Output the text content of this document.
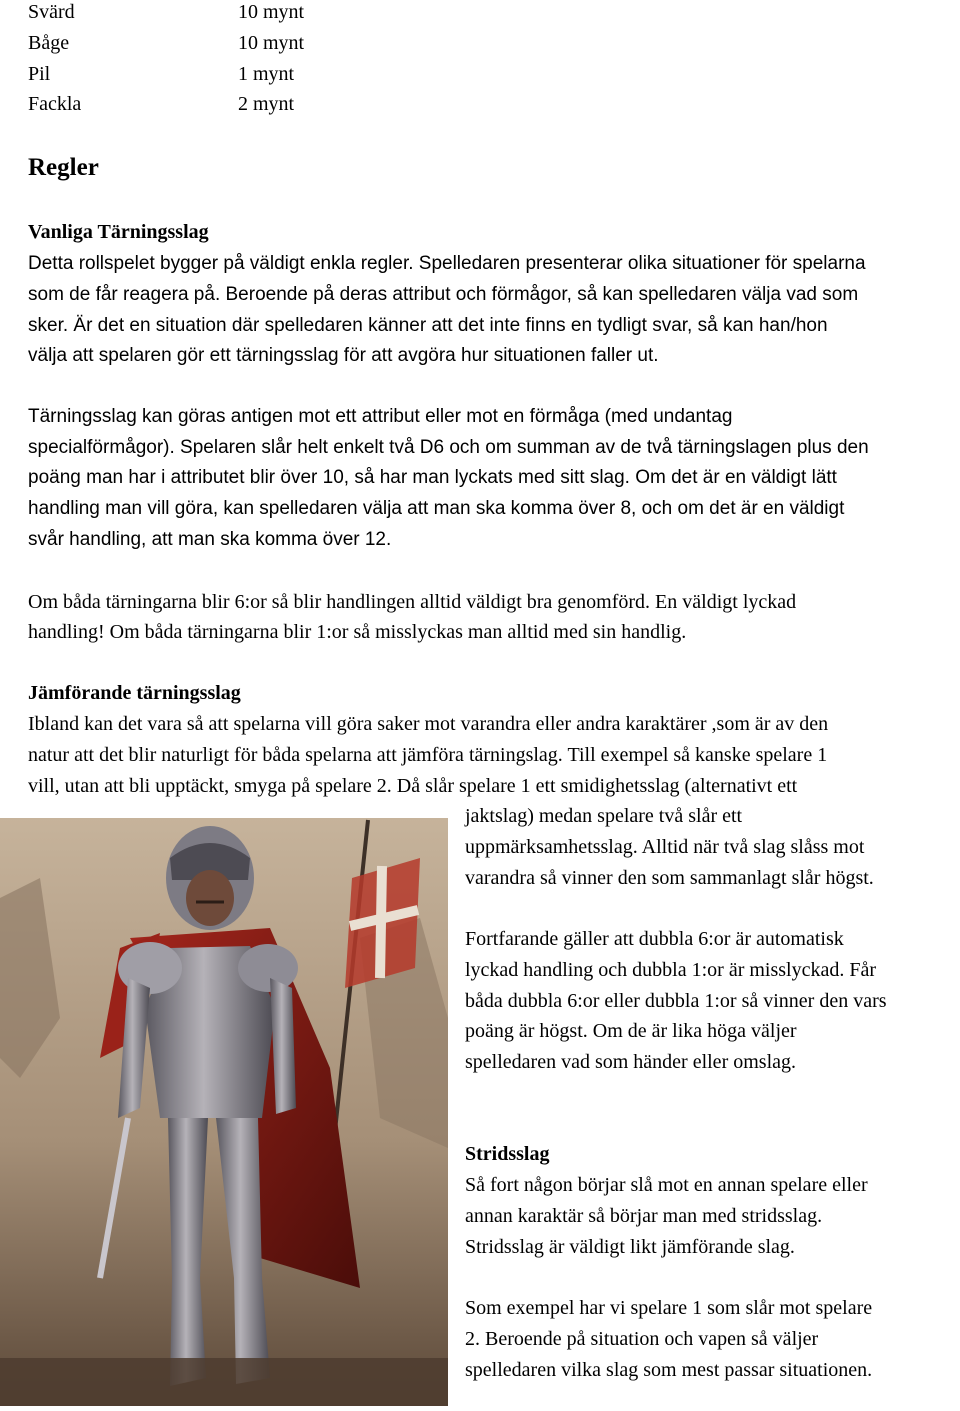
Svärd	10 mynt
Båge	10 mynt
Pil	1 mynt
Fackla	2 mynt
Regler
Vanliga Tärningsslag
Detta rollspelet bygger på väldigt enkla regler. Spelledaren presenterar olika situationer för spelarna
som de får reagera på. Beroende på deras attribut och förmågor, så kan spelledaren välja vad som
sker. Är det en situation där spelledaren känner att det inte finns en tydligt svar, så kan han/hon
välja att spelaren gör ett tärningsslag för att avgöra hur situationen faller ut.
Tärningsslag kan göras antigen mot ett attribut eller mot en förmåga (med undantag
specialförmågor). Spelaren slår helt enkelt två D6 och om summan av de två tärningslagen plus den
poäng man har i attributet blir över 10, så har man lyckats med sitt slag. Om det är en väldigt lätt
handling man vill göra, kan spelledaren välja att man ska komma över 8, och om det är en väldigt
svår handling, att man ska komma över 12.
Om båda tärningarna blir 6:or så blir handlingen alltid väldigt bra genomförd. En väldigt lyckad
handling! Om båda tärningarna blir 1:or så misslyckas man alltid med sin handlig.
Jämförande tärningsslag
Ibland kan det vara så att spelarna vill göra saker mot varandra eller andra karaktärer ,som är av den
natur att det blir naturligt för båda spelarna att jämföra tärningslag. Till exempel så kanske spelare 1
vill, utan att bli upptäckt, smyga på spelare 2. Då slår spelare 1 ett smidighetsslag (alternativt ett
jaktslag) medan spelare två slår ett
uppmärksamhetsslag. Alltid när två slag slåss mot
varandra så vinner den som sammanlagt slår högst.
Fortfarande gäller att dubbla 6:or är automatisk
lyckad handling och dubbla 1:or är misslyckad. Får
båda dubbla 6:or eller dubbla 1:or så vinner den vars
poäng är högst. Om de är lika höga väljer
spelledaren vad som händer eller omslag.
Stridsslag
Så fort någon börjar slå mot en annan spelare eller
annan karaktär så börjar man med stridsslag.
Stridsslag är väldigt likt jämförande slag.
Som exempel har vi spelare 1 som slår mot spelare
2. Beroende på situation och vapen så väljer
spelledaren vilka slag som mest passar situationen.
